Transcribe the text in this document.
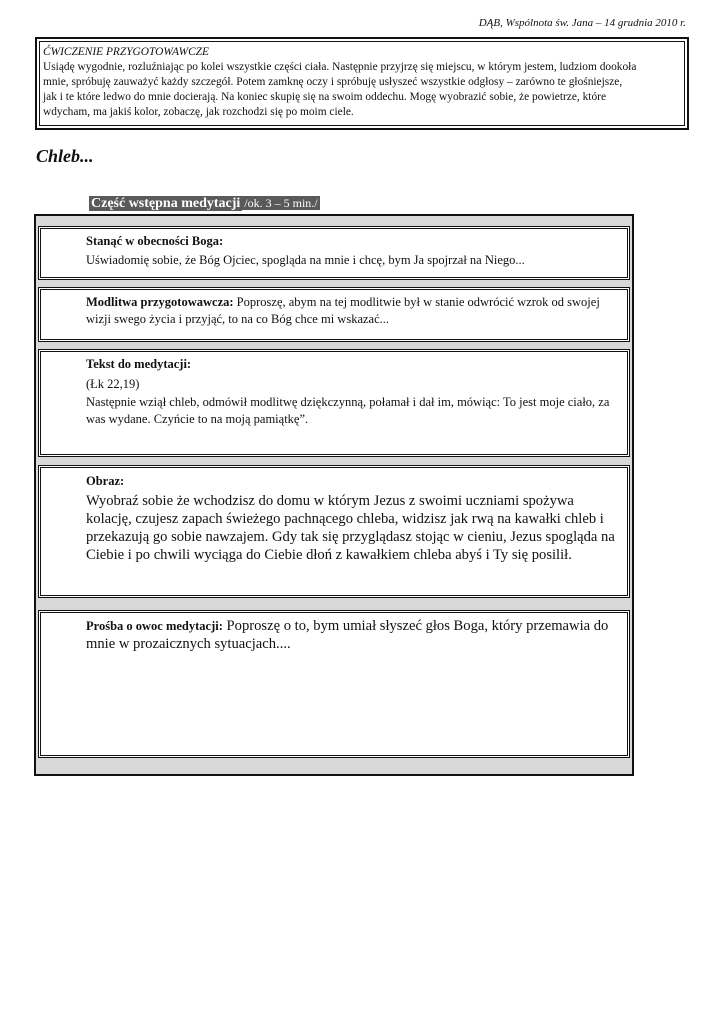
DĄB, Wspólnota św. Jana – 14 grudnia 2010 r.
ĆWICZENIE PRZYGOTOWAWCZE
Usiądę wygodnie, rozluźniając po kolei wszystkie części ciała. Następnie przyjrzę się miejscu, w którym jestem, ludziom dookoła
mnie, spróbuję zauważyć każdy szczegół. Potem zamknę oczy i spróbuję usłyszeć wszystkie odgłosy – zarówno te głośniejsze,
jak i te które ledwo do mnie docierają. Na koniec skupię się na swoim oddechu. Mogę wyobrazić sobie, że powietrze, które
wdycham, ma jakiś kolor, zobaczę, jak rozchodzi się po moim ciele.
Chleb...
Część wstępna medytacji /ok. 3 – 5 min./
Stanąć w obecności Boga:
Uświadomię sobie, że Bóg Ojciec, spogląda na mnie i chcę, bym Ja spojrzał na Niego...
Modlitwa przygotowawcza: Poproszę, abym na tej modlitwie był w stanie odwrócić wzrok od swojej wizji swego życia i przyjąć, to na co Bóg chce mi wskazać...
Tekst do medytacji:
(Łk 22,19)
Następnie wziął chleb, odmówił modlitwę dziękczynną, połamał i dał im, mówiąc: To jest moje ciało, za was wydane. Czyńcie to na moją pamiątkę”.
Obraz:
Wyobraź sobie że wchodzisz do domu w którym Jezus z swoimi uczniami spożywa kolację, czujesz zapach świeżego pachnącego chleba, widzisz jak rwą na kawałki chleb i przekazują go sobie nawzajem. Gdy tak się przyglądasz stojąc w cieniu, Jezus spogląda na Ciebie i po chwili wyciąga do Ciebie dłoń z kawałkiem chleba abyś i Ty się posilił.
Prośba o owoc medytacji: Poproszę o to, bym umiał słyszeć głos Boga, który przemawia do mnie w prozaicznych sytuacjach....
